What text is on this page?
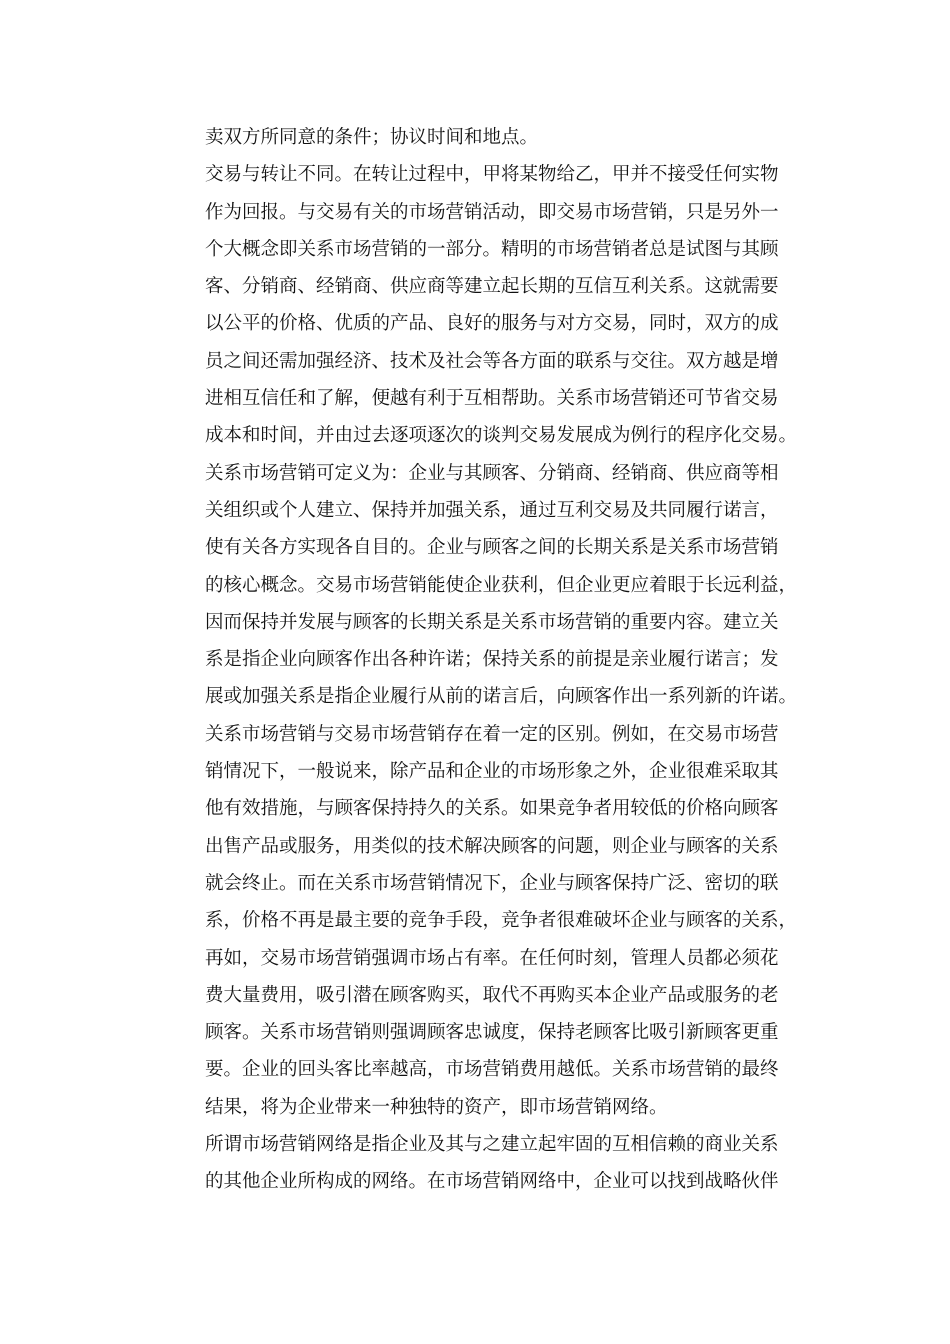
卖双方所同意的条件；协议时间和地点。
交易与转让不同。在转让过程中，甲将某物给乙，甲并不接受任何实物
作为回报。与交易有关的市场营销活动，即交易市场营销，只是另外一
个大概念即关系市场营销的一部分。精明的市场营销者总是试图与其顾
客、分销商、经销商、供应商等建立起长期的互信互利关系。这就需要
以公平的价格、优质的产品、良好的服务与对方交易，同时，双方的成
员之间还需加强经济、技术及社会等各方面的联系与交往。双方越是增
进相互信任和了解，便越有利于互相帮助。关系市场营销还可节省交易
成本和时间，并由过去逐项逐次的谈判交易发展成为例行的程序化交易。
关系市场营销可定义为：企业与其顾客、分销商、经销商、供应商等相
关组织或个人建立、保持并加强关系，通过互利交易及共同履行诺言，
使有关各方实现各自目的。企业与顾客之间的长期关系是关系市场营销
的核心概念。交易市场营销能使企业获利，但企业更应着眼于长远利益，
因而保持并发展与顾客的长期关系是关系市场营销的重要内容。建立关
系是指企业向顾客作出各种许诺；保持关系的前提是亲业履行诺言；发
展或加强关系是指企业履行从前的诺言后，向顾客作出一系列新的许诺。
关系市场营销与交易市场营销存在着一定的区别。例如，在交易市场营
销情况下，一般说来，除产品和企业的市场形象之外，企业很难采取其
他有效措施，与顾客保持持久的关系。如果竞争者用较低的价格向顾客
出售产品或服务，用类似的技术解决顾客的问题，则企业与顾客的关系
就会终止。而在关系市场营销情况下，企业与顾客保持广泛、密切的联
系，价格不再是最主要的竞争手段，竞争者很难破坏企业与顾客的关系，
再如，交易市场营销强调市场占有率。在任何时刻，管理人员都必须花
费大量费用，吸引潜在顾客购买，取代不再购买本企业产品或服务的老
顾客。关系市场营销则强调顾客忠诚度，保持老顾客比吸引新顾客更重
要。企业的回头客比率越高，市场营销费用越低。关系市场营销的最终
结果，将为企业带来一种独特的资产，即市场营销网络。
所谓市场营销网络是指企业及其与之建立起牢固的互相信赖的商业关系
的其他企业所构成的网络。在市场营销网络中，企业可以找到战略伙伴
